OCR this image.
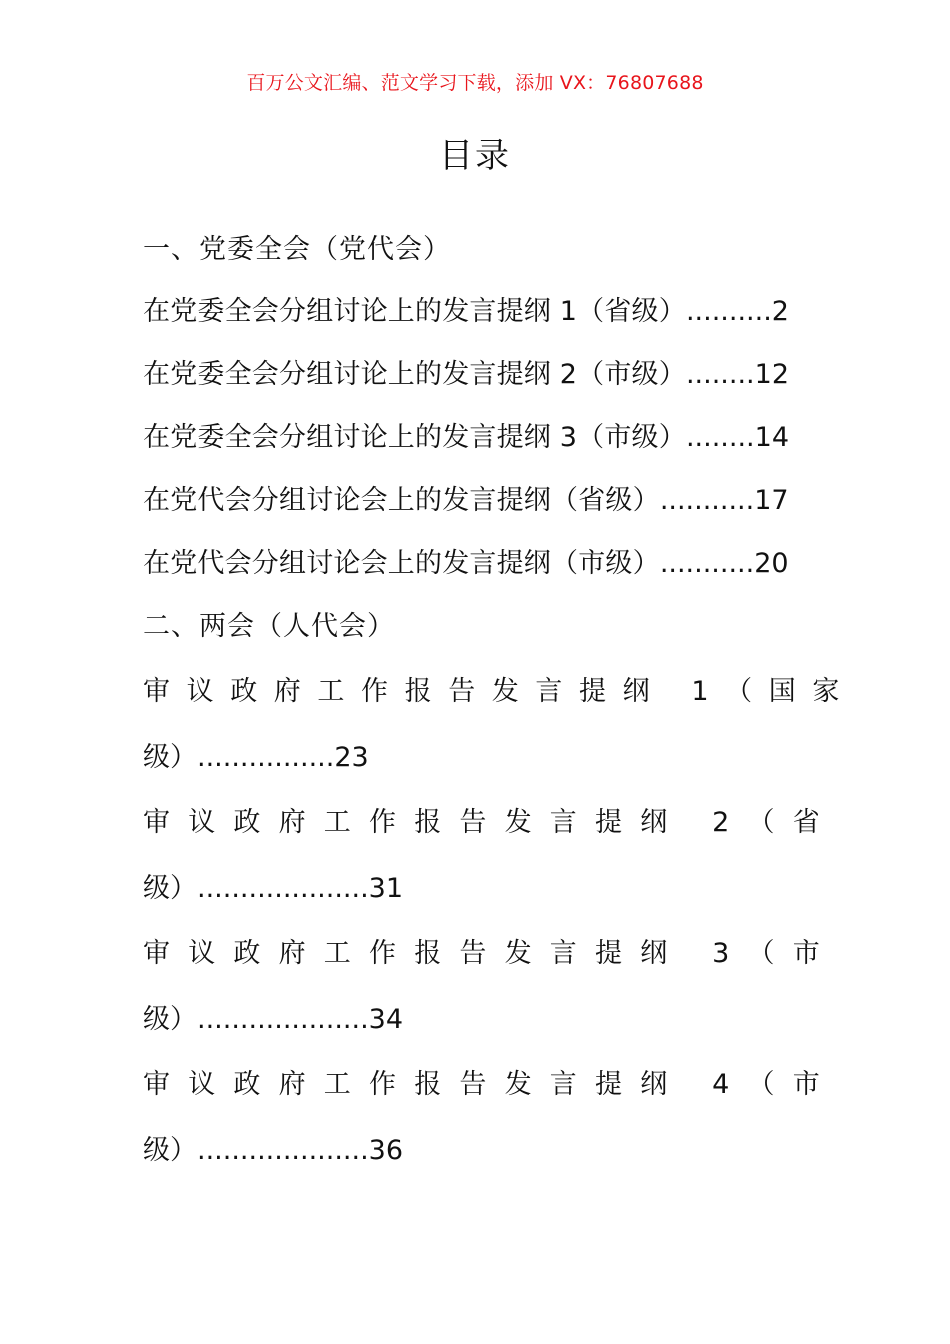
百万公文汇编、范文学习下载，添加 VX：76807688
目录
一、党委全会（党代会）
在党委全会分组讨论上的发言提纲 1（省级）..........2
在党委全会分组讨论上的发言提纲 2（市级）........12
在党委全会分组讨论上的发言提纲 3（市级）........14
在党代会分组讨论会上的发言提纲（省级）...........17
在党代会分组讨论会上的发言提纲（市级）...........20
二、两会（人代会）
审议政府工作报告发言提纲 1（国家
级）................23
审议政府工作报告发言提纲 2（省
级）....................31
审议政府工作报告发言提纲 3（市
级）....................34
审议政府工作报告发言提纲 4（市
级）....................36
